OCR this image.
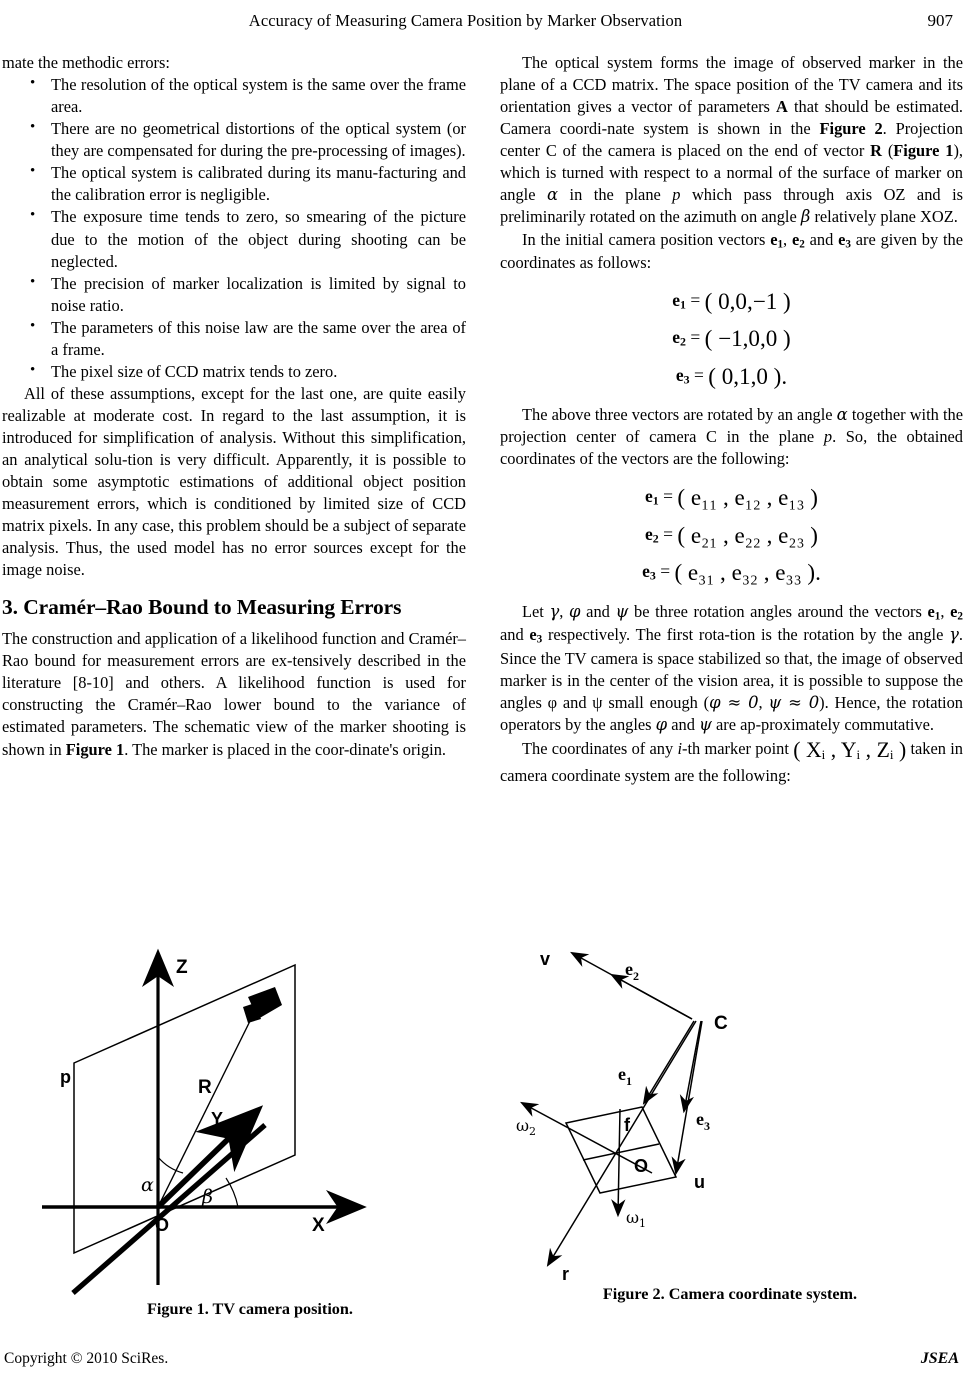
Accuracy of Measuring Camera Position by Marker Observation	907

mate the methodic errors:

• The resolution of the optical system is the same over the frame area.
• There are no geometrical distortions of the optical system (or they are compensated for during the pre-processing of images).
• The optical system is calibrated during its manu-facturing and the calibration error is negligible.
• The exposure time tends to zero, so smearing of the picture due to the motion of the object during shooting can be neglected.
• The precision of marker localization is limited by signal to noise ratio.
• The parameters of this noise law are the same over the area of a frame.
• The pixel size of CCD matrix tends to zero.

All of these assumptions, except for the last one, are quite easily realizable at moderate cost. In regard to the last assumption, it is introduced for simplification of analysis. Without this simplification, an analytical solu-tion is very difficult. Apparently, it is possible to obtain some asymptotic estimations of additional object position measurement errors, which is conditioned by limited size of CCD matrix pixels. In any case, this problem should be a subject of separate analysis. Thus, the used model has no error sources except for the image noise.

3. Cramér–Rao Bound to Measuring Errors

The construction and application of a likelihood function and Cramér–Rao bound for measurement errors are ex-tensively described in the literature [8-10] and others. A likelihood function is used for constructing the Cramér–Rao lower bound to the variance of estimated parameters. The schematic view of the marker shooting is shown in Figure 1. The marker is placed in the coor-dinate's origin.

The optical system forms the image of observed marker in the plane of a CCD matrix. The space position of the TV camera and its orientation gives a vector of parameters A that should be estimated. Camera coordi-nate system is shown in the Figure 2. Projection center C of the camera is placed on the end of vector R (Figure 1), which is turned with respect to a normal of the surface of marker on angle α in the plane p which pass through axis OZ and is preliminarily rotated on the azimuth on angle β relatively plane XOZ.

In the initial camera position vectors $e_1$, $e_2$ and $e_3$ are given by the coordinates as follows:

$e_1$ = ( 0,0,−1 )
$e_2$ = ( −1,0,0 )
$e_3$ = ( 0,1,0 ).

The above three vectors are rotated by an angle α together with the projection center of camera C in the plane p. So, the obtained coordinates of the vectors are the following:

$e_1$ = ( e₁₁ , e₁₂ , e₁₃ )
$e_2$ = ( e₂₁ , e₂₂ , e₂₃ )
$e_3$ = ( e₃₁ , e₃₂ , e₃₃ ).

Let γ, φ and ψ be three rotation angles around the vectors $e_1$, $e_2$ and $e_3$ respectively. The first rota-tion is the rotation by the angle γ. Since the TV camera is space stabilized so that, the image of observed marker is in the center of the vision area, it is possible to suppose the angles φ and ψ small enough (φ ≈ 0, ψ ≈ 0). Hence, the rotation operators by the angles φ and ψ are ap-proximately commutative.

The coordinates of any i-th marker point ( Xᵢ , Yᵢ , Zᵢ ) taken in camera coordinate system are the following:

Z
X
p	R
Y
α
β
O
Figure 1. TV camera position.
v
C
u
r
f
O
$e_2$
$e_1$
$e_3$
$\omega_2$
$\omega_1$
Figure 2. Camera coordinate system.
Copyright © 2010 SciRes.	JSEA
